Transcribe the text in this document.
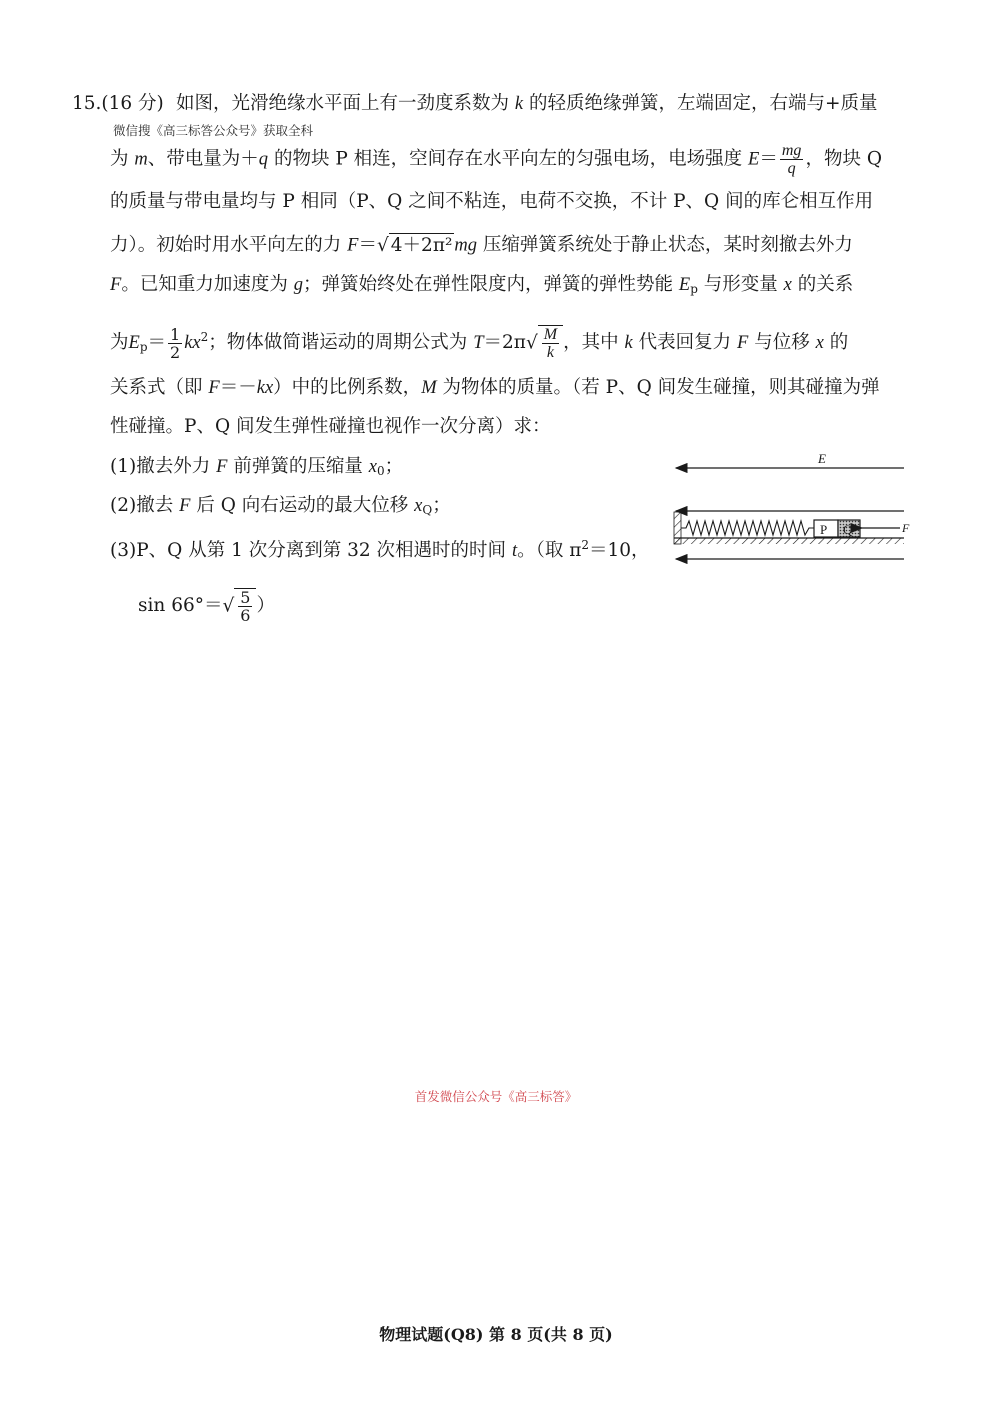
15.(16 分) 如图，光滑绝缘水平面上有一劲度系数为 k 的轻质绝缘弹簧，左端固定，右端与+质量
微信搜《高三标答公众号》获取全科
为 m、带电量为＋q 的物块 P 相连，空间存在水平向左的匀强电场，电场强度 $E= \frac{mg}{q}$ ，物块 Q
的质量与带电量均与 P 相同（P、Q 之间不粘连，电荷不交换，不计 P、Q 间的库仑相互作用
力）。初始时用水平向左的力 F＝√ 4＋2π² mg 压缩弹簧系统处于静止状态，某时刻撤去外力
F。已知重力加速度为 g；弹簧始终处在弹性限度内，弹簧的弹性势能 $E_p$ 与形变量 x 的关系
为$E_p= \frac{1}{2} kx^2$；物体做简谐运动的周期公式为 $T=2\pi√ \frac{M}{k}$ ，其中 k 代表回复力 F 与位移 x 的
关系式（即 F＝－kx）中的比例系数，M 为物体的质量。（若 P、Q 间发生碰撞，则其碰撞为弹
性碰撞。P、Q 间发生弹性碰撞也视作一次分离）求：
(1)撤去外力 F 前弹簧的压缩量 $x_0$；
(2)撤去 F 后 Q 向右运动的最大位移 $x_Q$；
(3)P、Q 从第 1 次分离到第 32 次相遇时的时间 t。（取 $\pi^2=10$，
$\sin 66^\circ=√ \frac{5}{6}$ ）
E
P Q	F
首发微信公众号《高三标答》
物理试题(Q8) 第 8 页(共 8 页)
